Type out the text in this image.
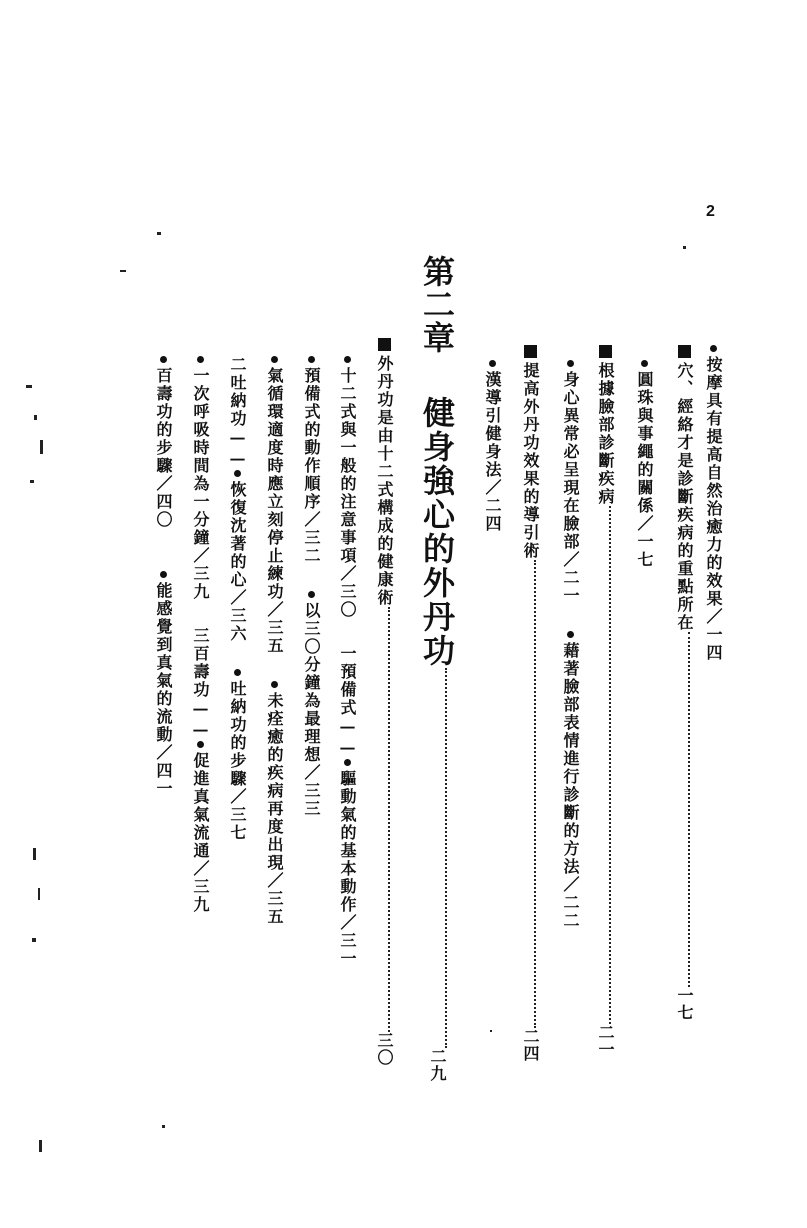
2
按摩具有提高自然治癒力的效果／一四
穴、經絡才是診斷疾病的重點所在一七
圓珠與事繩的關係／一七
根據臉部診斷疾病二一
身心異常必呈現在臉部／二一藉著臉部表情進行診斷的方法／二二
提高外丹功效果的導引術二四
漢導引健身法／二四
第二章健身強心的外丹功二九
外丹功是由十二式構成的健康術三〇
十二式與一般的注意事項／三〇一預備式——驅動氣的基本動作／三一
預備式的動作順序／三二以三〇分鐘為最理想／三三
氣循環適度時應立刻停止練功／三五未痊癒的疾病再度出現／三五
二吐納功——恢復沈著的心／三六吐納功的步驟／三七
一次呼吸時間為一分鐘／三九三百壽功——促進真氣流通／三九
百壽功的步驟／四〇能感覺到真氣的流動／四一
